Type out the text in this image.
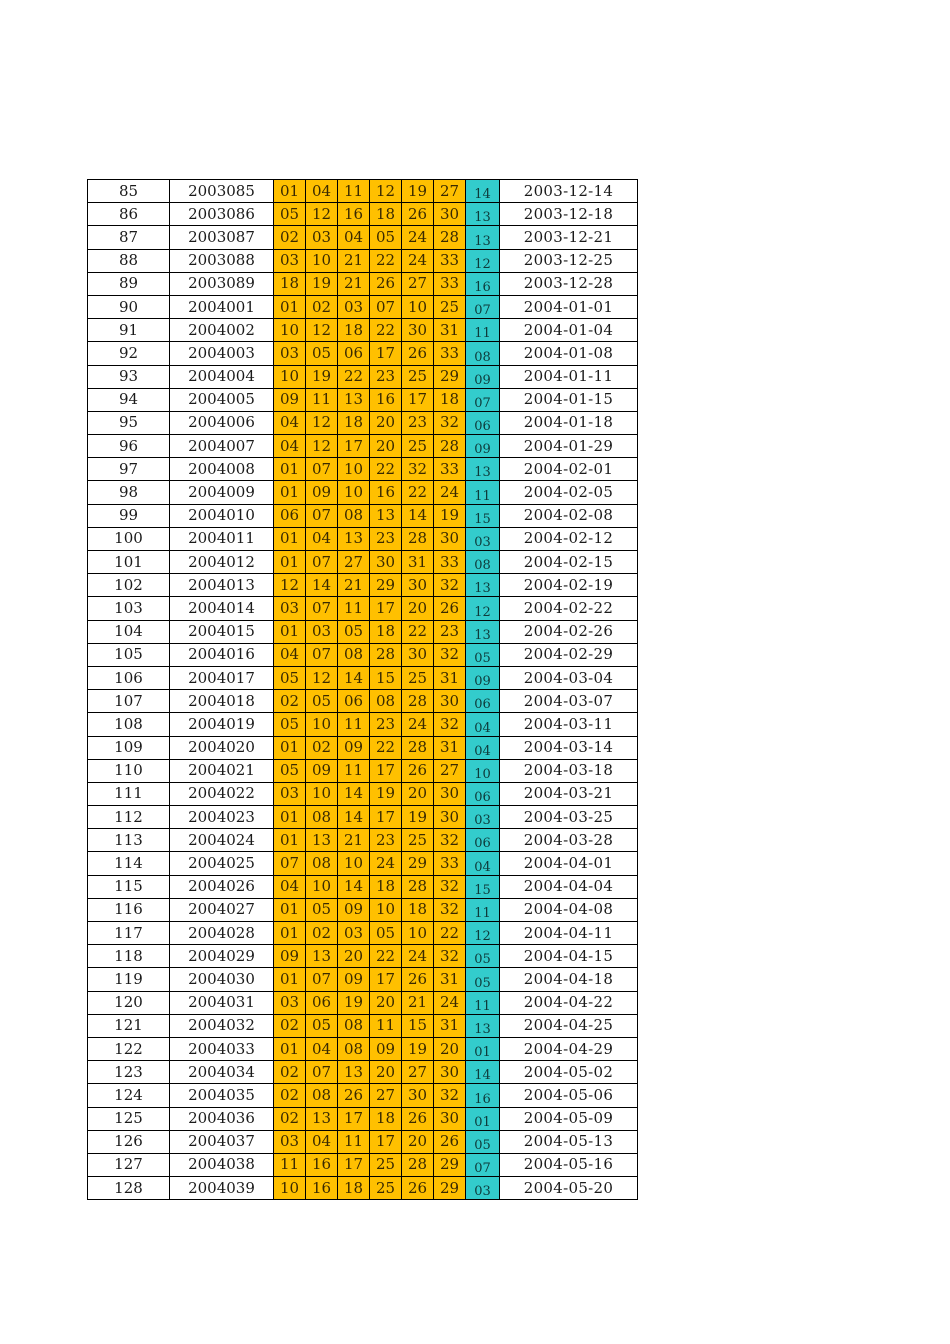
85	2003085	01	04	11	12	19	27	14	2003-12-14
86	2003086	05	12	16	18	26	30	13	2003-12-18
87	2003087	02	03	04	05	24	28	13	2003-12-21
88	2003088	03	10	21	22	24	33	12	2003-12-25
89	2003089	18	19	21	26	27	33	16	2003-12-28
90	2004001	01	02	03	07	10	25	07	2004-01-01
91	2004002	10	12	18	22	30	31	11	2004-01-04
92	2004003	03	05	06	17	26	33	08	2004-01-08
93	2004004	10	19	22	23	25	29	09	2004-01-11
94	2004005	09	11	13	16	17	18	07	2004-01-15
95	2004006	04	12	18	20	23	32	06	2004-01-18
96	2004007	04	12	17	20	25	28	09	2004-01-29
97	2004008	01	07	10	22	32	33	13	2004-02-01
98	2004009	01	09	10	16	22	24	11	2004-02-05
99	2004010	06	07	08	13	14	19	15	2004-02-08
100	2004011	01	04	13	23	28	30	03	2004-02-12
101	2004012	01	07	27	30	31	33	08	2004-02-15
102	2004013	12	14	21	29	30	32	13	2004-02-19
103	2004014	03	07	11	17	20	26	12	2004-02-22
104	2004015	01	03	05	18	22	23	13	2004-02-26
105	2004016	04	07	08	28	30	32	05	2004-02-29
106	2004017	05	12	14	15	25	31	09	2004-03-04
107	2004018	02	05	06	08	28	30	06	2004-03-07
108	2004019	05	10	11	23	24	32	04	2004-03-11
109	2004020	01	02	09	22	28	31	04	2004-03-14
110	2004021	05	09	11	17	26	27	10	2004-03-18
111	2004022	03	10	14	19	20	30	06	2004-03-21
112	2004023	01	08	14	17	19	30	03	2004-03-25
113	2004024	01	13	21	23	25	32	06	2004-03-28
114	2004025	07	08	10	24	29	33	04	2004-04-01
115	2004026	04	10	14	18	28	32	15	2004-04-04
116	2004027	01	05	09	10	18	32	11	2004-04-08
117	2004028	01	02	03	05	10	22	12	2004-04-11
118	2004029	09	13	20	22	24	32	05	2004-04-15
119	2004030	01	07	09	17	26	31	05	2004-04-18
120	2004031	03	06	19	20	21	24	11	2004-04-22
121	2004032	02	05	08	11	15	31	13	2004-04-25
122	2004033	01	04	08	09	19	20	01	2004-04-29
123	2004034	02	07	13	20	27	30	14	2004-05-02
124	2004035	02	08	26	27	30	32	16	2004-05-06
125	2004036	02	13	17	18	26	30	01	2004-05-09
126	2004037	03	04	11	17	20	26	05	2004-05-13
127	2004038	11	16	17	25	28	29	07	2004-05-16
128	2004039	10	16	18	25	26	29	03	2004-05-20
